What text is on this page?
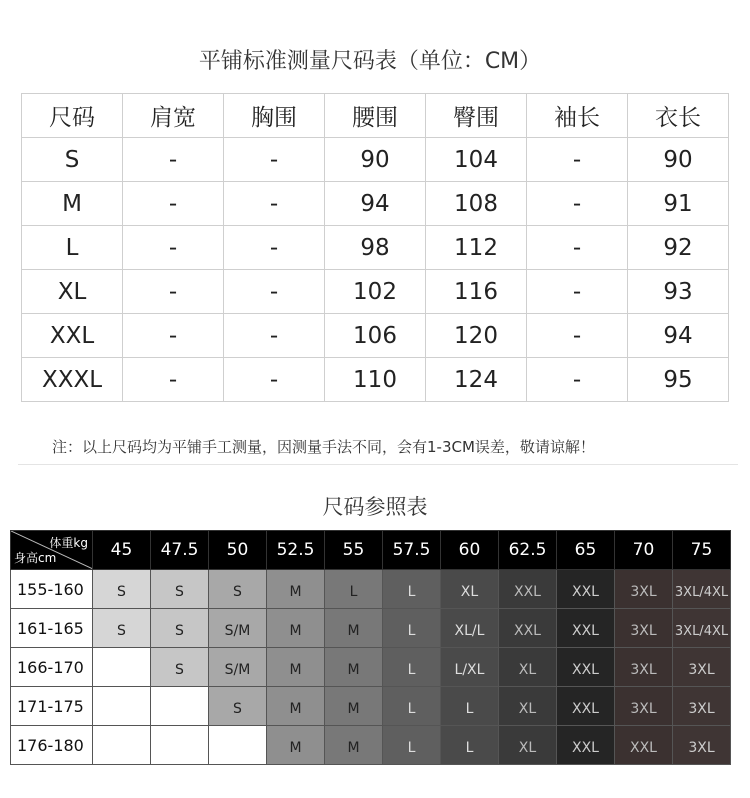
平铺标准测量尺码表（单位：CM）
尺码	肩宽	胸围	腰围	臀围	袖长	衣长
S	-	-	90	104	-	90
M	-	-	94	108	-	91
L	-	-	98	112	-	92
XL	-	-	102	116	-	93
XXL	-	-	106	120	-	94
XXXL	-	-	110	124	-	95
注：以上尺码均为平铺手工测量，因测量手法不同，会有1-3CM误差，敬请谅解！
尺码参照表
体重kg
身高cm	45	47.5	50	52.5	55	57.5	60	62.5	65	70	75
155-160	S	S	S	M	L	L	XL	XXL	XXL	3XL	3XL/4XL
161-165	S	S	S/M	M	M	L	XL/L	XXL	XXL	3XL	3XL/4XL
166-170		S	S/M	M	M	L	L/XL	XL	XXL	3XL	3XL
171-175			S	M	M	L	L	XL	XXL	3XL	3XL
176-180				M	M	L	L	XL	XXL	XXL	3XL
